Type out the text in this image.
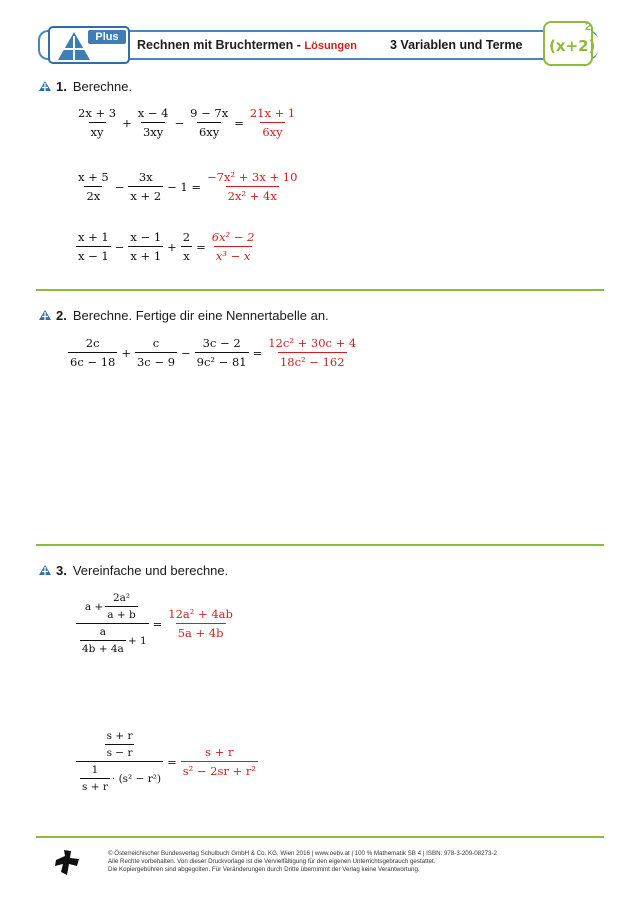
Plus
Rechnen mit Bruchtermen - Lösungen	3 Variablen und Terme (x+2)
2
1. Berechne.
2x + 3
xy
+ $\frac{x - 4}{3xy} - \frac{9 - 7x}{6xy} = \frac{21x + 1}{6xy}$
x + 5
2x
− $\frac{3x}{x + 2} - 1 = \frac{\text{−7x² + 3x + 10}}{\text{2x² + 4x}}$
x + 1
x − 1
− $\frac{x - 1}{x + 1} + \frac{2}{x} = \frac{\text{6x² − 2}}{\text{x³ − x}}$
2. Berechne. Fertige dir eine Nennertabelle an.
2c
6c − 18
+ $\frac{c}{3c - 9} - \frac{3c - 2}{\text{9c² − 81}} = \frac{\text{12c² + 30c + 4}}{\text{18c² − 162}}$
3. Vereinfache und berechne.
$a + \frac{\text{2a²}}{a + b}$
a
4b + 4a
+ $1 = \frac{\text{12a² + 4ab}}{5a + 4b}$
$\frac{s + r}{s - r}$
1
s + r
· $(s^2 - r^2) = \frac{s + r}{\text{s² − 2sr + r²}}$
© Österreichischer Bundesverlag Schulbuch GmbH & Co. KG, Wien 2016 | www.oebv.at | 100 % Mathematik SB 4 | ISBN: 978-3-209-08273-2
Alle Rechte vorbehalten. Von dieser Druckvorlage ist die Vervielfältigung für den eigenen Unterrichtsgebrauch gestattet.
Die Kopiergebühren sind abgegolten. Für Veränderungen durch Dritte übernimmt der Verlag keine Verantwortung.
